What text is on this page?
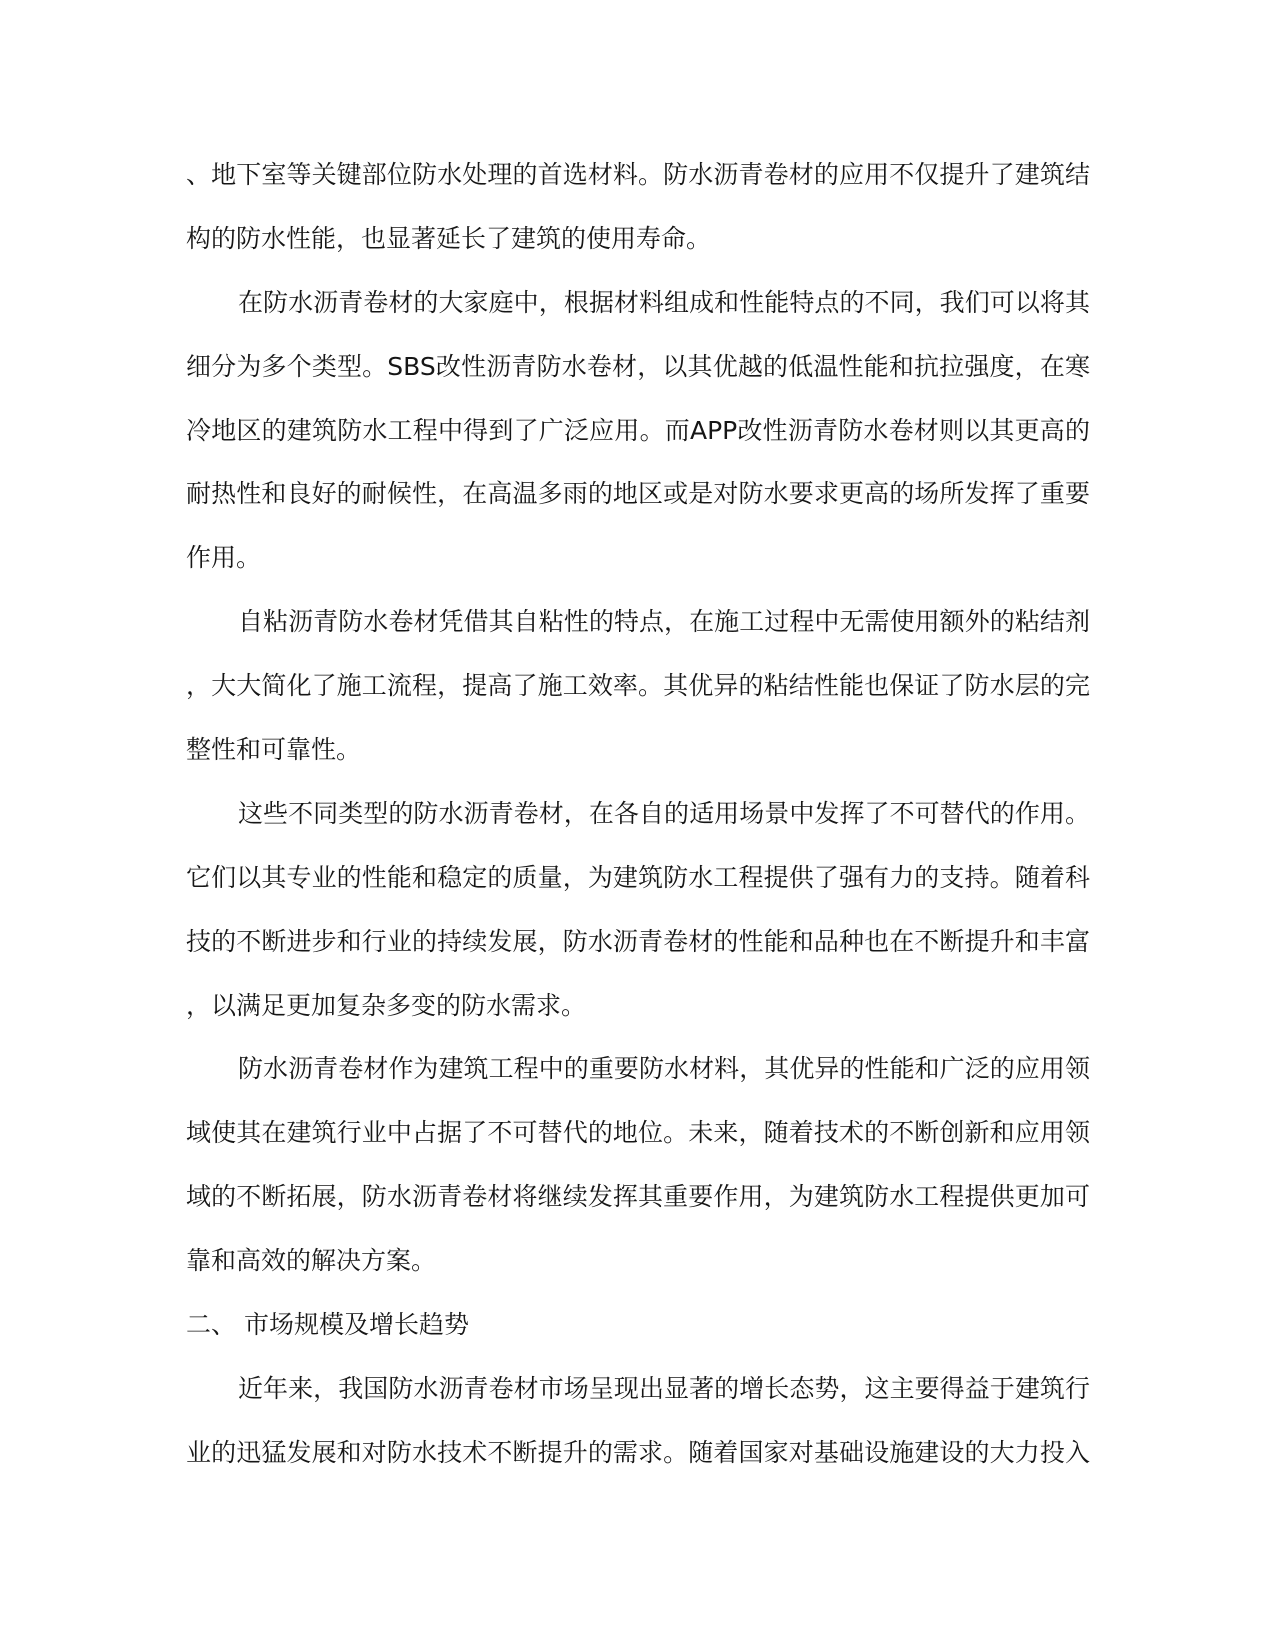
、地下室等关键部位防水处理的首选材料。防水沥青卷材的应用不仅提升了建筑结
构的防水性能，也显著延长了建筑的使用寿命。
在防水沥青卷材的大家庭中，根据材料组成和性能特点的不同，我们可以将其
细分为多个类型。SBS改性沥青防水卷材，以其优越的低温性能和抗拉强度，在寒
冷地区的建筑防水工程中得到了广泛应用。而APP改性沥青防水卷材则以其更高的
耐热性和良好的耐候性，在高温多雨的地区或是对防水要求更高的场所发挥了重要
作用。
自粘沥青防水卷材凭借其自粘性的特点，在施工过程中无需使用额外的粘结剂
，大大简化了施工流程，提高了施工效率。其优异的粘结性能也保证了防水层的完
整性和可靠性。
这些不同类型的防水沥青卷材，在各自的适用场景中发挥了不可替代的作用。
它们以其专业的性能和稳定的质量，为建筑防水工程提供了强有力的支持。随着科
技的不断进步和行业的持续发展，防水沥青卷材的性能和品种也在不断提升和丰富
，以满足更加复杂多变的防水需求。
防水沥青卷材作为建筑工程中的重要防水材料，其优异的性能和广泛的应用领
域使其在建筑行业中占据了不可替代的地位。未来，随着技术的不断创新和应用领
域的不断拓展，防水沥青卷材将继续发挥其重要作用，为建筑防水工程提供更加可
靠和高效的解决方案。
二、 市场规模及增长趋势
近年来，我国防水沥青卷材市场呈现出显著的增长态势，这主要得益于建筑行
业的迅猛发展和对防水技术不断提升的需求。随着国家对基础设施建设的大力投入
